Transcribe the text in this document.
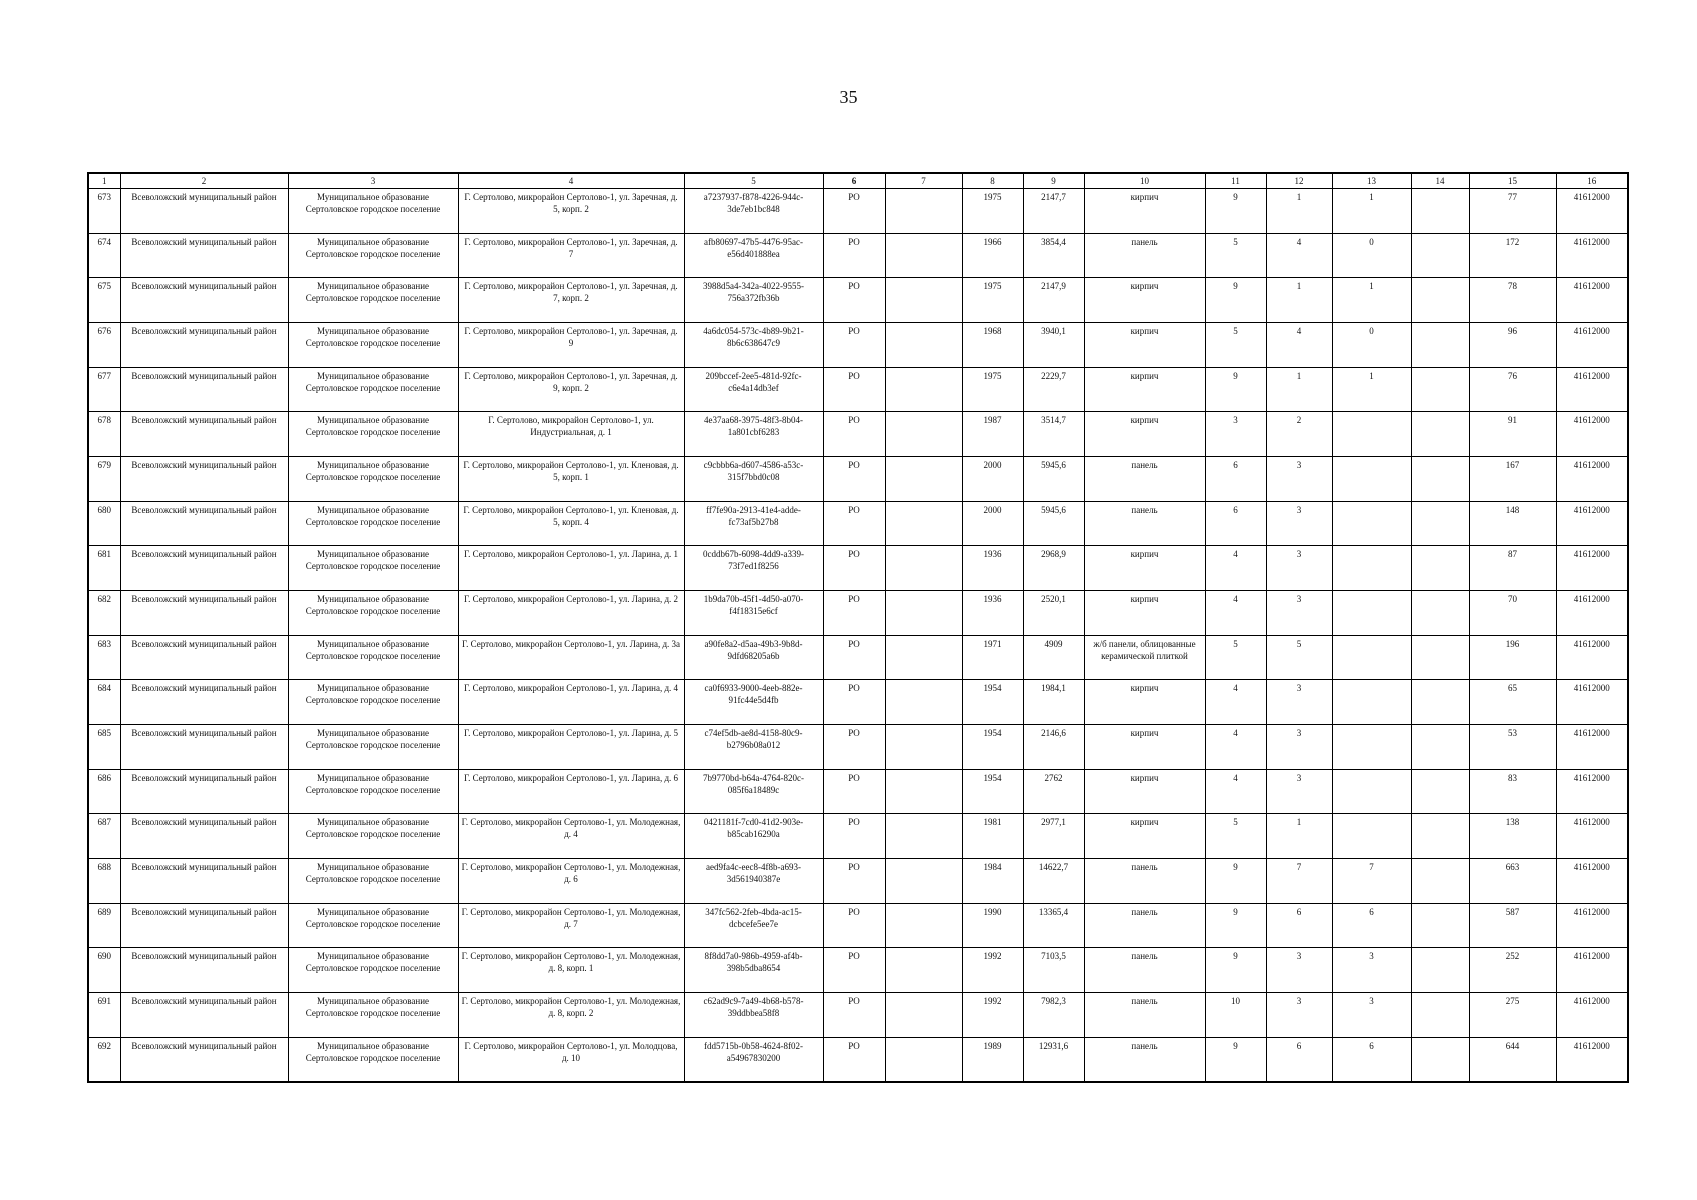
35
1	2	3	4	5	6	7	8	9	10	11	12	13	14	15	16
673	Всеволожский муниципальный район	Муниципальное образование Сертоловское городское поселение	Г. Сертолово, микрорайон Сертолово-1, ул. Заречная, д. 5, корп. 2	a7237937-f878-4226-944c-3de7eb1bc848	РО		1975	2147,7	кирпич	9	1	1		77	41612000
674	Всеволожский муниципальный район	Муниципальное образование Сертоловское городское поселение	Г. Сертолово, микрорайон Сертолово-1, ул. Заречная, д. 7	afb80697-47b5-4476-95ac-e56d401888ea	РО		1966	3854,4	панель	5	4	0		172	41612000
675	Всеволожский муниципальный район	Муниципальное образование Сертоловское городское поселение	Г. Сертолово, микрорайон Сертолово-1, ул. Заречная, д. 7, корп. 2	3988d5a4-342a-4022-9555-756a372fb36b	РО		1975	2147,9	кирпич	9	1	1		78	41612000
676	Всеволожский муниципальный район	Муниципальное образование Сертоловское городское поселение	Г. Сертолово, микрорайон Сертолово-1, ул. Заречная, д. 9	4a6dc054-573c-4b89-9b21-8b6c638647c9	РО		1968	3940,1	кирпич	5	4	0		96	41612000
677	Всеволожский муниципальный район	Муниципальное образование Сертоловское городское поселение	Г. Сертолово, микрорайон Сертолово-1, ул. Заречная, д. 9, корп. 2	209bccef-2ee5-481d-92fc-c6e4a14db3ef	РО		1975	2229,7	кирпич	9	1	1		76	41612000
678	Всеволожский муниципальный район	Муниципальное образование Сертоловское городское поселение	Г. Сертолово, микрорайон Сертолово-1, ул. Индустриальная, д. 1	4e37aa68-3975-48f3-8b04-1a801cbf6283	РО		1987	3514,7	кирпич	3	2			91	41612000
679	Всеволожский муниципальный район	Муниципальное образование Сертоловское городское поселение	Г. Сертолово, микрорайон Сертолово-1, ул. Кленовая, д. 5, корп. 1	c9cbbb6a-d607-4586-a53c-315f7bbd0c08	РО		2000	5945,6	панель	6	3			167	41612000
680	Всеволожский муниципальный район	Муниципальное образование Сертоловское городское поселение	Г. Сертолово, микрорайон Сертолово-1, ул. Кленовая, д. 5, корп. 4	ff7fe90a-2913-41e4-adde-fc73af5b27b8	РО		2000	5945,6	панель	6	3			148	41612000
681	Всеволожский муниципальный район	Муниципальное образование Сертоловское городское поселение	Г. Сертолово, микрорайон Сертолово-1, ул. Ларина, д. 1	0cddb67b-6098-4dd9-a339-73f7ed1f8256	РО		1936	2968,9	кирпич	4	3			87	41612000
682	Всеволожский муниципальный район	Муниципальное образование Сертоловское городское поселение	Г. Сертолово, микрорайон Сертолово-1, ул. Ларина, д. 2	1b9da70b-45f1-4d50-a070-f4f18315e6cf	РО		1936	2520,1	кирпич	4	3			70	41612000
683	Всеволожский муниципальный район	Муниципальное образование Сертоловское городское поселение	Г. Сертолово, микрорайон Сертолово-1, ул. Ларина, д. 3а	a90fe8a2-d5aa-49b3-9b8d-9dfd68205a6b	РО		1971	4909	ж/б панели, облицованные керамической плиткой	5	5			196	41612000
684	Всеволожский муниципальный район	Муниципальное образование Сертоловское городское поселение	Г. Сертолово, микрорайон Сертолово-1, ул. Ларина, д. 4	ca0f6933-9000-4eeb-882e-91fc44e5d4fb	РО		1954	1984,1	кирпич	4	3			65	41612000
685	Всеволожский муниципальный район	Муниципальное образование Сертоловское городское поселение	Г. Сертолово, микрорайон Сертолово-1, ул. Ларина, д. 5	c74ef5db-ae8d-4158-80c9-b2796b08a012	РО		1954	2146,6	кирпич	4	3			53	41612000
686	Всеволожский муниципальный район	Муниципальное образование Сертоловское городское поселение	Г. Сертолово, микрорайон Сертолово-1, ул. Ларина, д. 6	7b9770bd-b64a-4764-820c-085f6a18489c	РО		1954	2762	кирпич	4	3			83	41612000
687	Всеволожский муниципальный район	Муниципальное образование Сертоловское городское поселение	Г. Сертолово, микрорайон Сертолово-1, ул. Молодежная, д. 4	0421181f-7cd0-41d2-903e-b85cab16290a	РО		1981	2977,1	кирпич	5	1			138	41612000
688	Всеволожский муниципальный район	Муниципальное образование Сертоловское городское поселение	Г. Сертолово, микрорайон Сертолово-1, ул. Молодежная, д. 6	aed9fa4c-eec8-4f8b-a693-3d561940387e	РО		1984	14622,7	панель	9	7	7		663	41612000
689	Всеволожский муниципальный район	Муниципальное образование Сертоловское городское поселение	Г. Сертолово, микрорайон Сертолово-1, ул. Молодежная, д. 7	347fc562-2feb-4bda-ac15-dcbcefe5ee7e	РО		1990	13365,4	панель	9	6	6		587	41612000
690	Всеволожский муниципальный район	Муниципальное образование Сертоловское городское поселение	Г. Сертолово, микрорайон Сертолово-1, ул. Молодежная, д. 8, корп. 1	8f8dd7a0-986b-4959-af4b-398b5dba8654	РО		1992	7103,5	панель	9	3	3		252	41612000
691	Всеволожский муниципальный район	Муниципальное образование Сертоловское городское поселение	Г. Сертолово, микрорайон Сертолово-1, ул. Молодежная, д. 8, корп. 2	c62ad9c9-7a49-4b68-b578-39ddbbea58f8	РО		1992	7982,3	панель	10	3	3		275	41612000
692	Всеволожский муниципальный район	Муниципальное образование Сертоловское городское поселение	Г. Сертолово, микрорайон Сертолово-1, ул. Молодцова, д. 10	fdd5715b-0b58-4624-8f02-a54967830200	РО		1989	12931,6	панель	9	6	6		644	41612000
